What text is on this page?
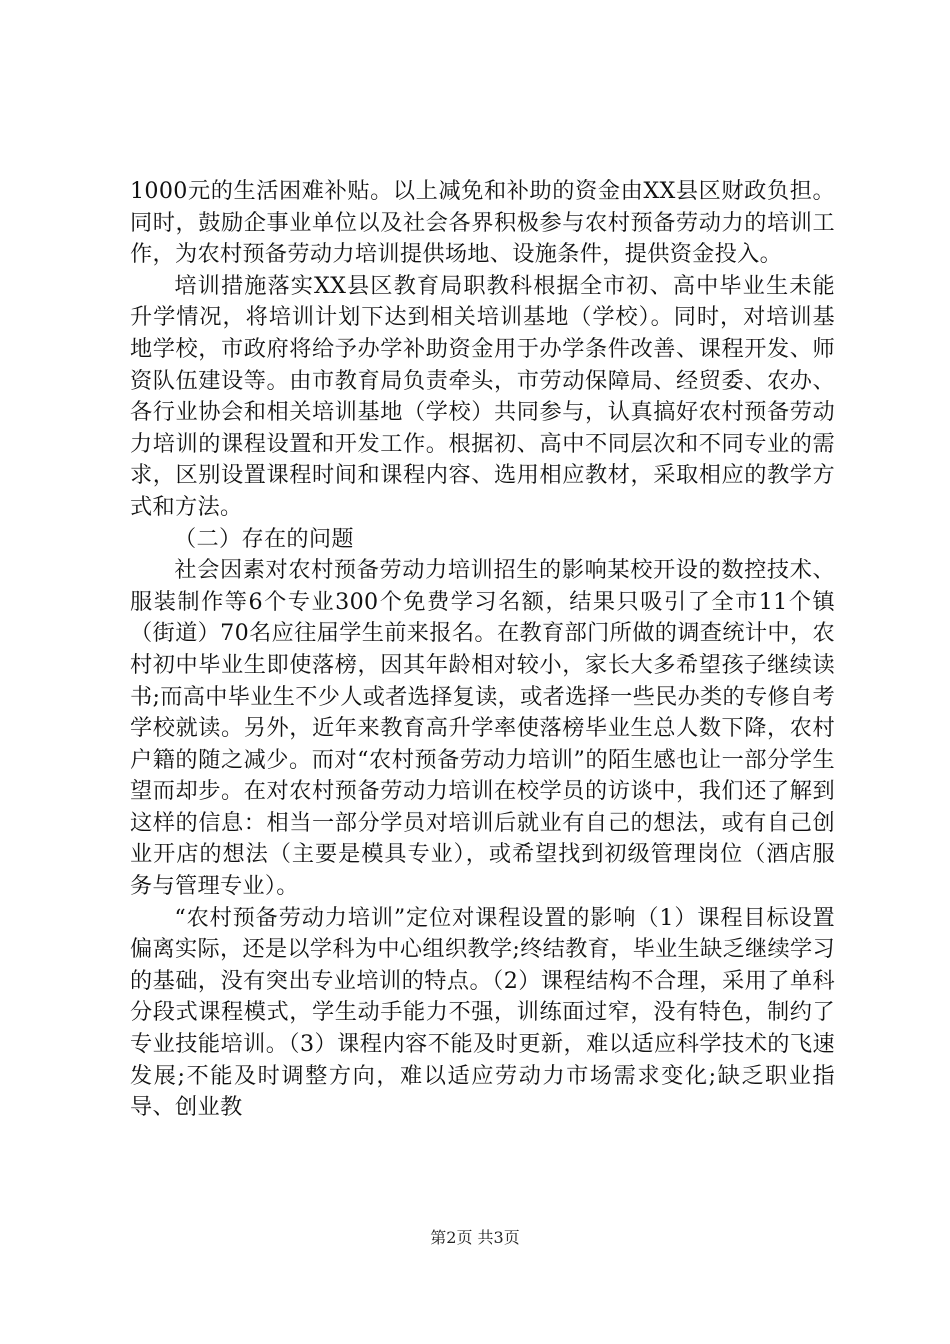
1000元的生活困难补贴。以上减免和补助的资金由XX县区财政负担。同时，鼓励企事业单位以及社会各界积极参与农村预备劳动力的培训工作，为农村预备劳动力培训提供场地、设施条件，提供资金投入。

培训措施落实XX县区教育局职教科根据全市初、高中毕业生未能升学情况，将培训计划下达到相关培训基地（学校）。同时，对培训基地学校，市政府将给予办学补助资金用于办学条件改善、课程开发、师资队伍建设等。由市教育局负责牵头，市劳动保障局、经贸委、农办、各行业协会和相关培训基地（学校）共同参与，认真搞好农村预备劳动力培训的课程设置和开发工作。根据初、高中不同层次和不同专业的需求，区别设置课程时间和课程内容、选用相应教材，采取相应的教学方式和方法。

（二）存在的问题

社会因素对农村预备劳动力培训招生的影响某校开设的数控技术、服装制作等6个专业300个免费学习名额，结果只吸引了全市11个镇（街道）70名应往届学生前来报名。在教育部门所做的调查统计中，农村初中毕业生即使落榜，因其年龄相对较小，家长大多希望孩子继续读书;而高中毕业生不少人或者选择复读，或者选择一些民办类的专修自考学校就读。另外，近年来教育高升学率使落榜毕业生总人数下降，农村户籍的随之减少。而对“农村预备劳动力培训”的陌生感也让一部分学生望而却步。在对农村预备劳动力培训在校学员的访谈中，我们还了解到这样的信息：相当一部分学员对培训后就业有自己的想法，或有自己创业开店的想法（主要是模具专业），或希望找到初级管理岗位（酒店服务与管理专业）。

“农村预备劳动力培训”定位对课程设置的影响（1）课程目标设置偏离实际，还是以学科为中心组织教学;终结教育，毕业生缺乏继续学习的基础，没有突出专业培训的特点。（2）课程结构不合理，采用了单科分段式课程模式，学生动手能力不强，训练面过窄，没有特色，制约了专业技能培训。（3）课程内容不能及时更新，难以适应科学技术的飞速发展;不能及时调整方向，难以适应劳动力市场需求变化;缺乏职业指导、创业教

第2页 共3页
